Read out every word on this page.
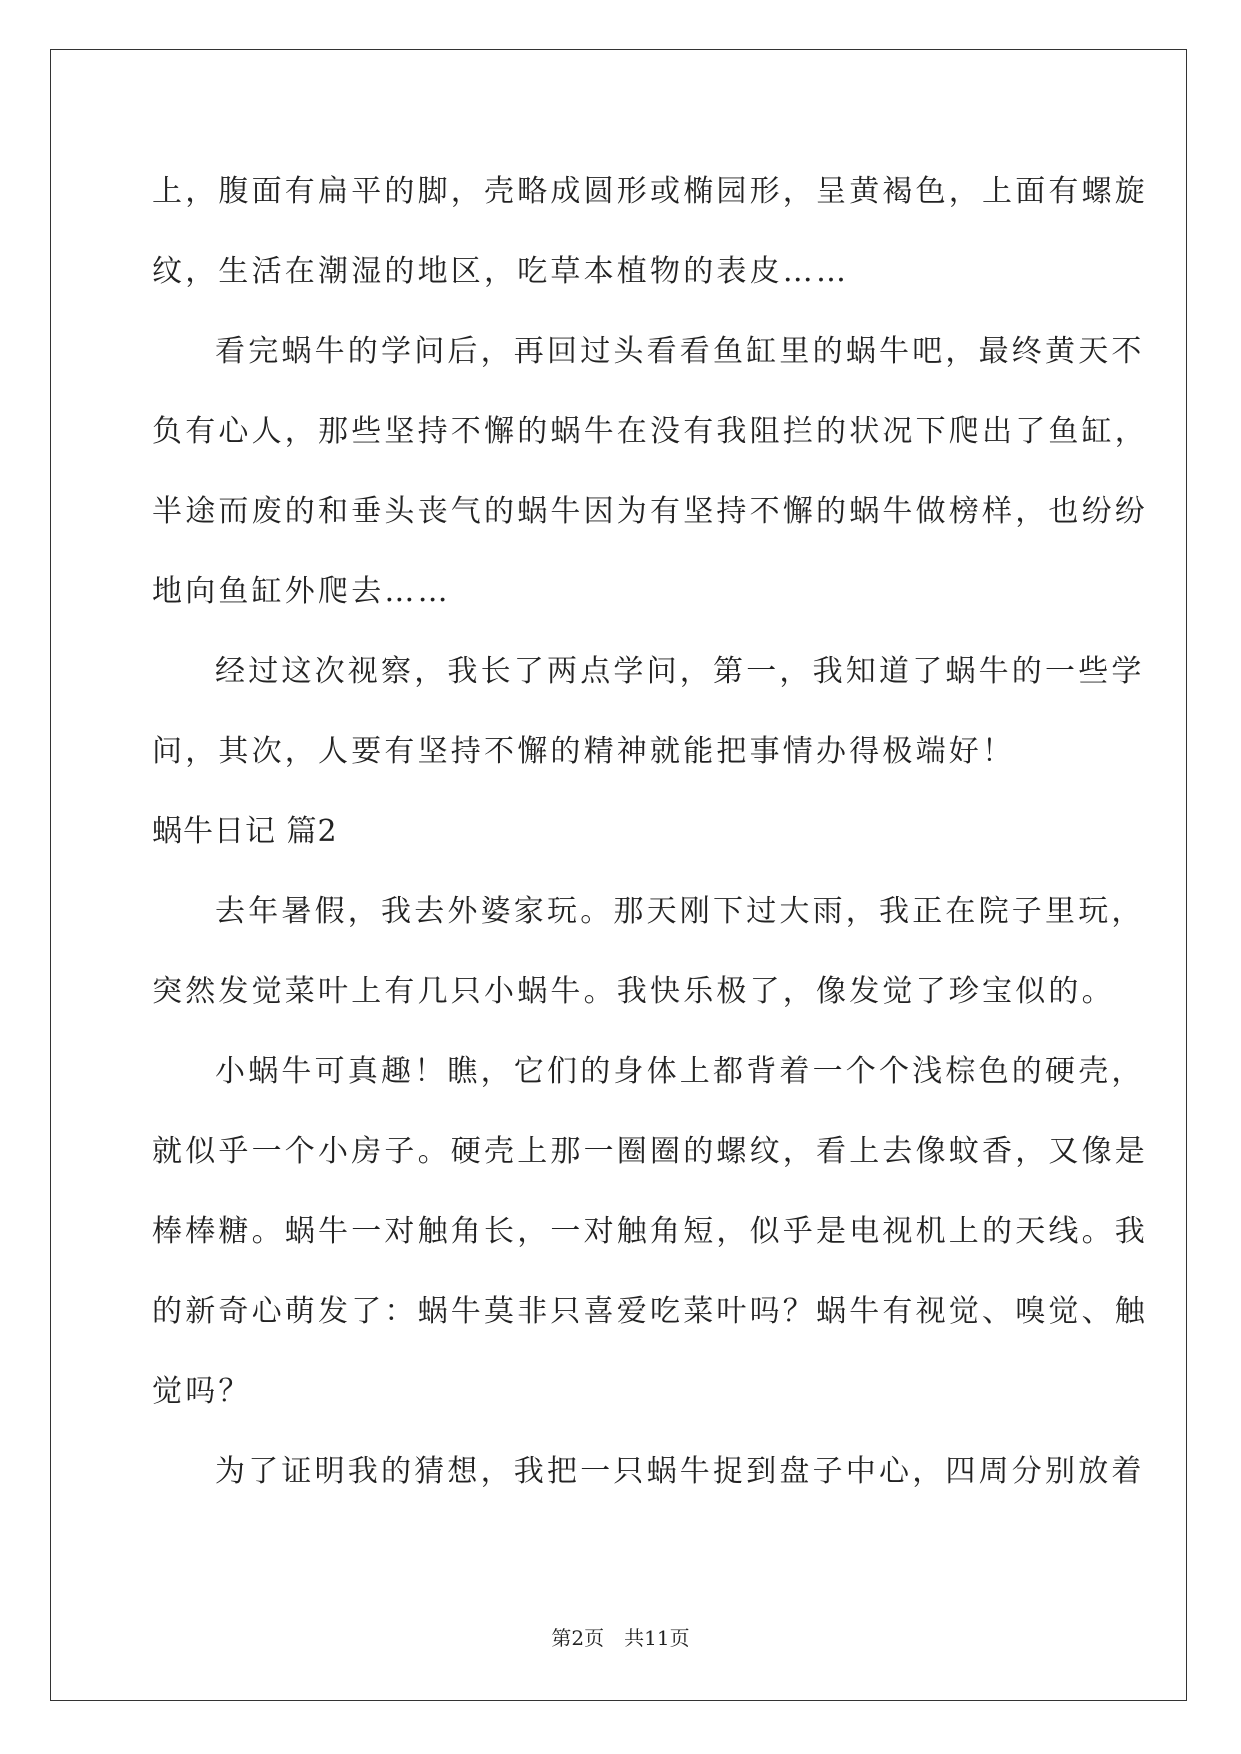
上，腹面有扁平的脚，壳略成圆形或椭园形，呈黄褐色，上面有螺旋
纹，生活在潮湿的地区，吃草本植物的表皮……
看完蜗牛的学问后，再回过头看看鱼缸里的蜗牛吧，最终黄天不
负有心人，那些坚持不懈的蜗牛在没有我阻拦的状况下爬出了鱼缸，
半途而废的和垂头丧气的蜗牛因为有坚持不懈的蜗牛做榜样，也纷纷
地向鱼缸外爬去……
经过这次视察，我长了两点学问，第一，我知道了蜗牛的一些学
问，其次，人要有坚持不懈的精神就能把事情办得极端好！
蜗牛日记 篇2
去年暑假，我去外婆家玩。那天刚下过大雨，我正在院子里玩，
突然发觉菜叶上有几只小蜗牛。我快乐极了，像发觉了珍宝似的。
小蜗牛可真趣！瞧，它们的身体上都背着一个个浅棕色的硬壳，
就似乎一个小房子。硬壳上那一圈圈的螺纹，看上去像蚊香，又像是
棒棒糖。蜗牛一对触角长，一对触角短，似乎是电视机上的天线。我
的新奇心萌发了：蜗牛莫非只喜爱吃菜叶吗？蜗牛有视觉、嗅觉、触
觉吗？
为了证明我的猜想，我把一只蜗牛捉到盘子中心，四周分别放着
第2页　共11页
